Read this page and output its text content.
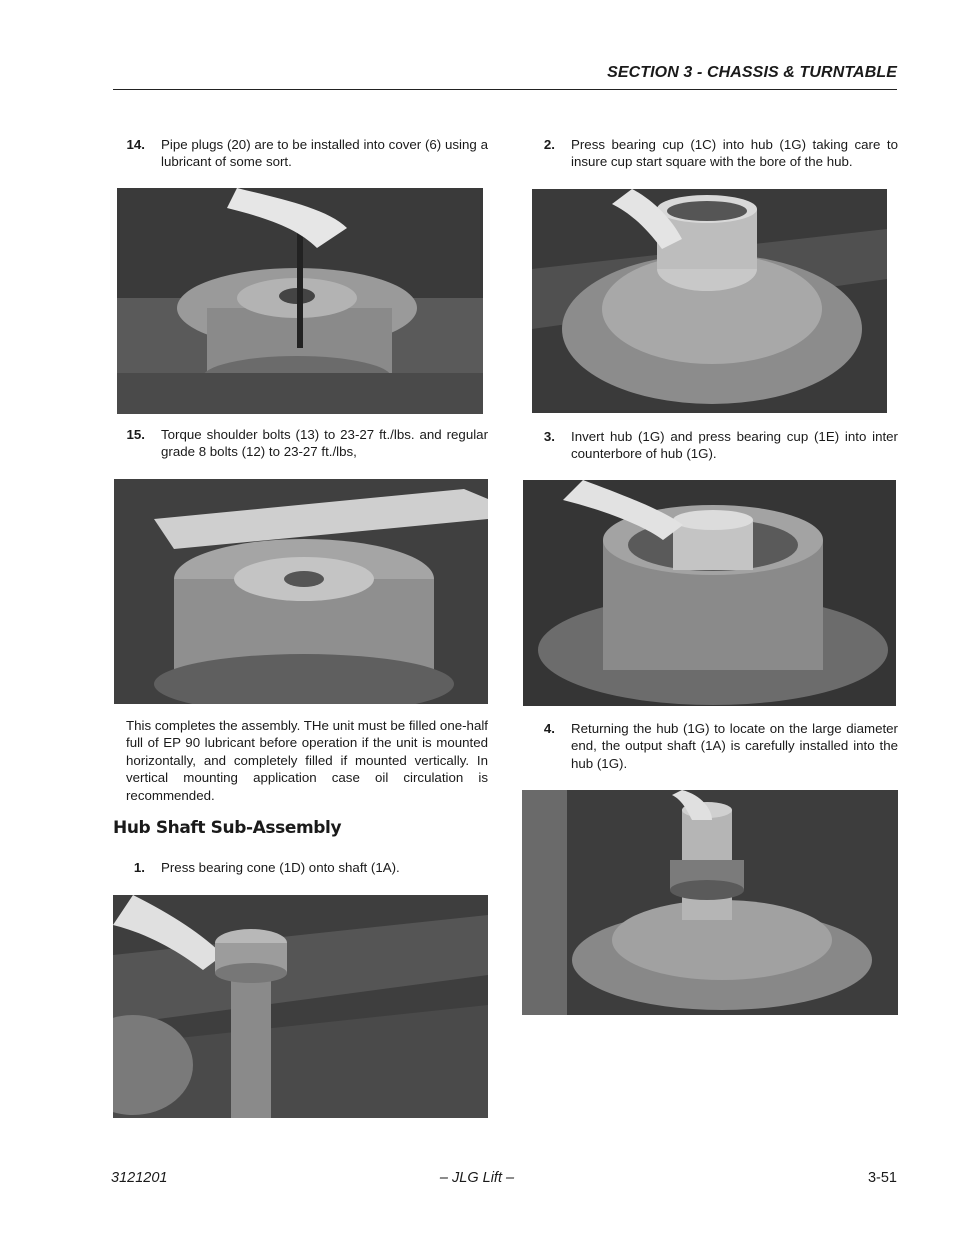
SECTION 3 - CHASSIS & TURNTABLE
14. Pipe plugs (20) are to be installed into cover (6) using a lubricant of some sort.
15. Torque shoulder bolts (13) to 23-27 ft./lbs. and regular grade 8 bolts (12) to 23-27 ft./lbs,
This completes the assembly. THe unit must be filled one-half full of EP 90 lubricant before operation if the unit is mounted horizontally, and completely filled if mounted vertically. In vertical mounting application case oil circulation is recommended.
Hub Shaft Sub-Assembly
1. Press bearing cone (1D) onto shaft (1A).
2. Press bearing cup (1C) into hub (1G) taking care to insure cup start square with the bore of the hub.
3. Invert hub (1G) and press bearing cup (1E) into inter counterbore of hub (1G).
4. Returning the hub (1G) to locate on the large diameter end, the output shaft (1A) is carefully installed into the hub (1G).
3121201	– JLG Lift –	3-51
